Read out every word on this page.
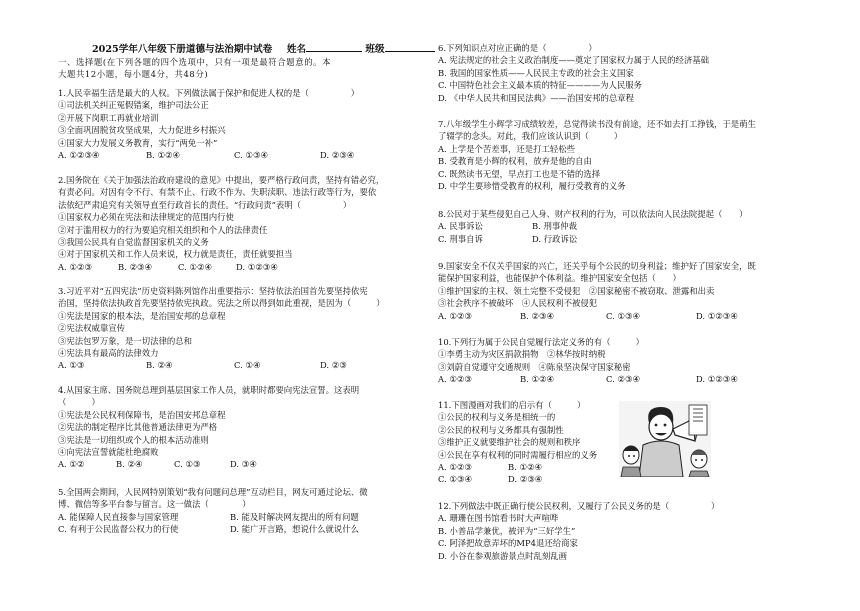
2025学年八年级下册道德与法治期中试卷 姓名	班级
一、选择题(在下列各题的四个选项中，只有一项是最符合题意的。本
大题共12小题，每小题4分，共48分)
1.人民幸福生活是最大的人权。下列做法属于保护和促进人权的是（　　　　　）
①司法机关纠正冤假错案，维护司法公正
②开展下岗职工再就业培训
③全面巩固脱贫攻坚成果，大力促进乡村振兴
④国家大力发展义务教育，实行“两免一补”
A. ①②③④	B. ①②④	C. ①③④	D. ②③④
2.国务院在《关于加强法治政府建设的意见》中提出，要严格行政问责，坚持有错必究，
有责必问。对因有令不行、有禁不止、行政不作为、失职渎职、违法行政等行为，要依
法依纪严肃追究有关领导直至行政首长的责任。“行政问责”表明（　　　　　）
①国家权力必须在宪法和法律规定的范围内行使
②对于滥用权力的行为要追究相关组织和个人的法律责任
③我国公民具有自觉监督国家机关的义务
④对于国家机关和工作人员来说，权力就是责任，责任就要担当
A. ①②③	B. ②③④	C. ①②④	D. ①②③④
3.习近平对“五四宪法”历史资料陈列馆作出重要指示：坚持依法治国首先要坚持依宪
治国，坚持依法执政首先要坚持依宪执政。宪法之所以得到如此重视，是因为（　　　）
①宪法是国家的根本法，是治国安邦的总章程
②宪法权威靠宣传
③宪法包罗万象，是一切法律的总和
④宪法具有最高的法律效力
A. ①③	B. ②④	C. ①④	D. ②③
4.从国家主席、国务院总理到基层国家工作人员，就职时都要向宪法宣誓。这表明
（　　　）
①宪法是公民权利保障书，是治国安邦总章程
②宪法的制定程序比其他普通法律更为严格
③宪法是一切组织或个人的根本活动准则
④向宪法宣誓就能杜绝腐败
A. ①②	B. ②④	C. ①③	D. ③④
5.全国两会期间，人民网特别策划“我有问题问总理”互动栏目，网友可通过论坛、微
博、微信等多平台参与留言。这一做法（　　　　）
A. 能保障人民直接参与国家管理	B. 能及时解决网友提出的所有问题
C. 有利于公民监督公权力的行使	D. 能广开言路，想说什么就说什么
6.下列知识点对应正确的是（　　　　　）
A. 宪法规定的社会主义政治制度——奠定了国家权力属于人民的经济基础
B. 我国的国家性质——人民民主专政的社会主义国家
C. 中国特色社会主义最本质的特征————为人民服务
D. 《中华人民共和国民法典》——治国安邦的总章程
7.八年级学生小辉学习成绩较差，总觉得读书没有前途，还不如去打工挣钱，于是萌生
了辍学的念头。对此，我们应该认识到（　　　）
A. 上学是个苦差事，还是打工轻松些
B. 受教育是小辉的权利，放弃是他的自由
C. 既然读书无望，早点打工也是不错的选择
D. 中学生要珍惜受教育的权利，履行受教育的义务
8.公民对于某些侵犯自己人身、财产权利的行为，可以依法向人民法院提起（　　）
A. 民事诉讼	B. 刑事仲裁
C. 刑事自诉	D. 行政诉讼
9.国家安全不仅关乎国家的兴亡，还关乎每个公民的切身利益；维护好了国家安全，既
能保护国家利益，也能保护个体利益。维护国家安全包括（　　）
①维护国家的主权、领土完整不受侵犯　②国家秘密不被窃取、泄露和出卖
③社会秩序不被破坏　④人民权利不被侵犯
A. ①②③	B. ②③④	C. ①③④	D. ①②③④
10.下列行为属于公民自觉履行法定义务的有（　　　）
①李勇主动为灾区捐款捐物　②林华按时纳税
③刘蔚自觉遵守交通规则　④陈泉坚决保守国家秘密
A. ①②③	B. ①②④	C. ②③④	D. ①②③④
11.下图漫画对我们的启示有（　　　）
①公民的权利与义务是相统一的
②公民的权利与义务都具有强制性
③维护正义就要维护社会的规则和秩序
④公民在享有权利的同时需履行相应的义务
A. ①②③	B. ①②④
C. ①③④	D. ②③④
12.下列做法中既正确行使公民权利，又履行了公民义务的是（　　　　　）
A. 珊珊在图书馆看书时大声喧哗
B. 小普品学兼优，被评为“三好学生”
C. 阿泽把故意弄坏的MP4退还给商家
D. 小谷在参观旅游景点时乱刻乱画
